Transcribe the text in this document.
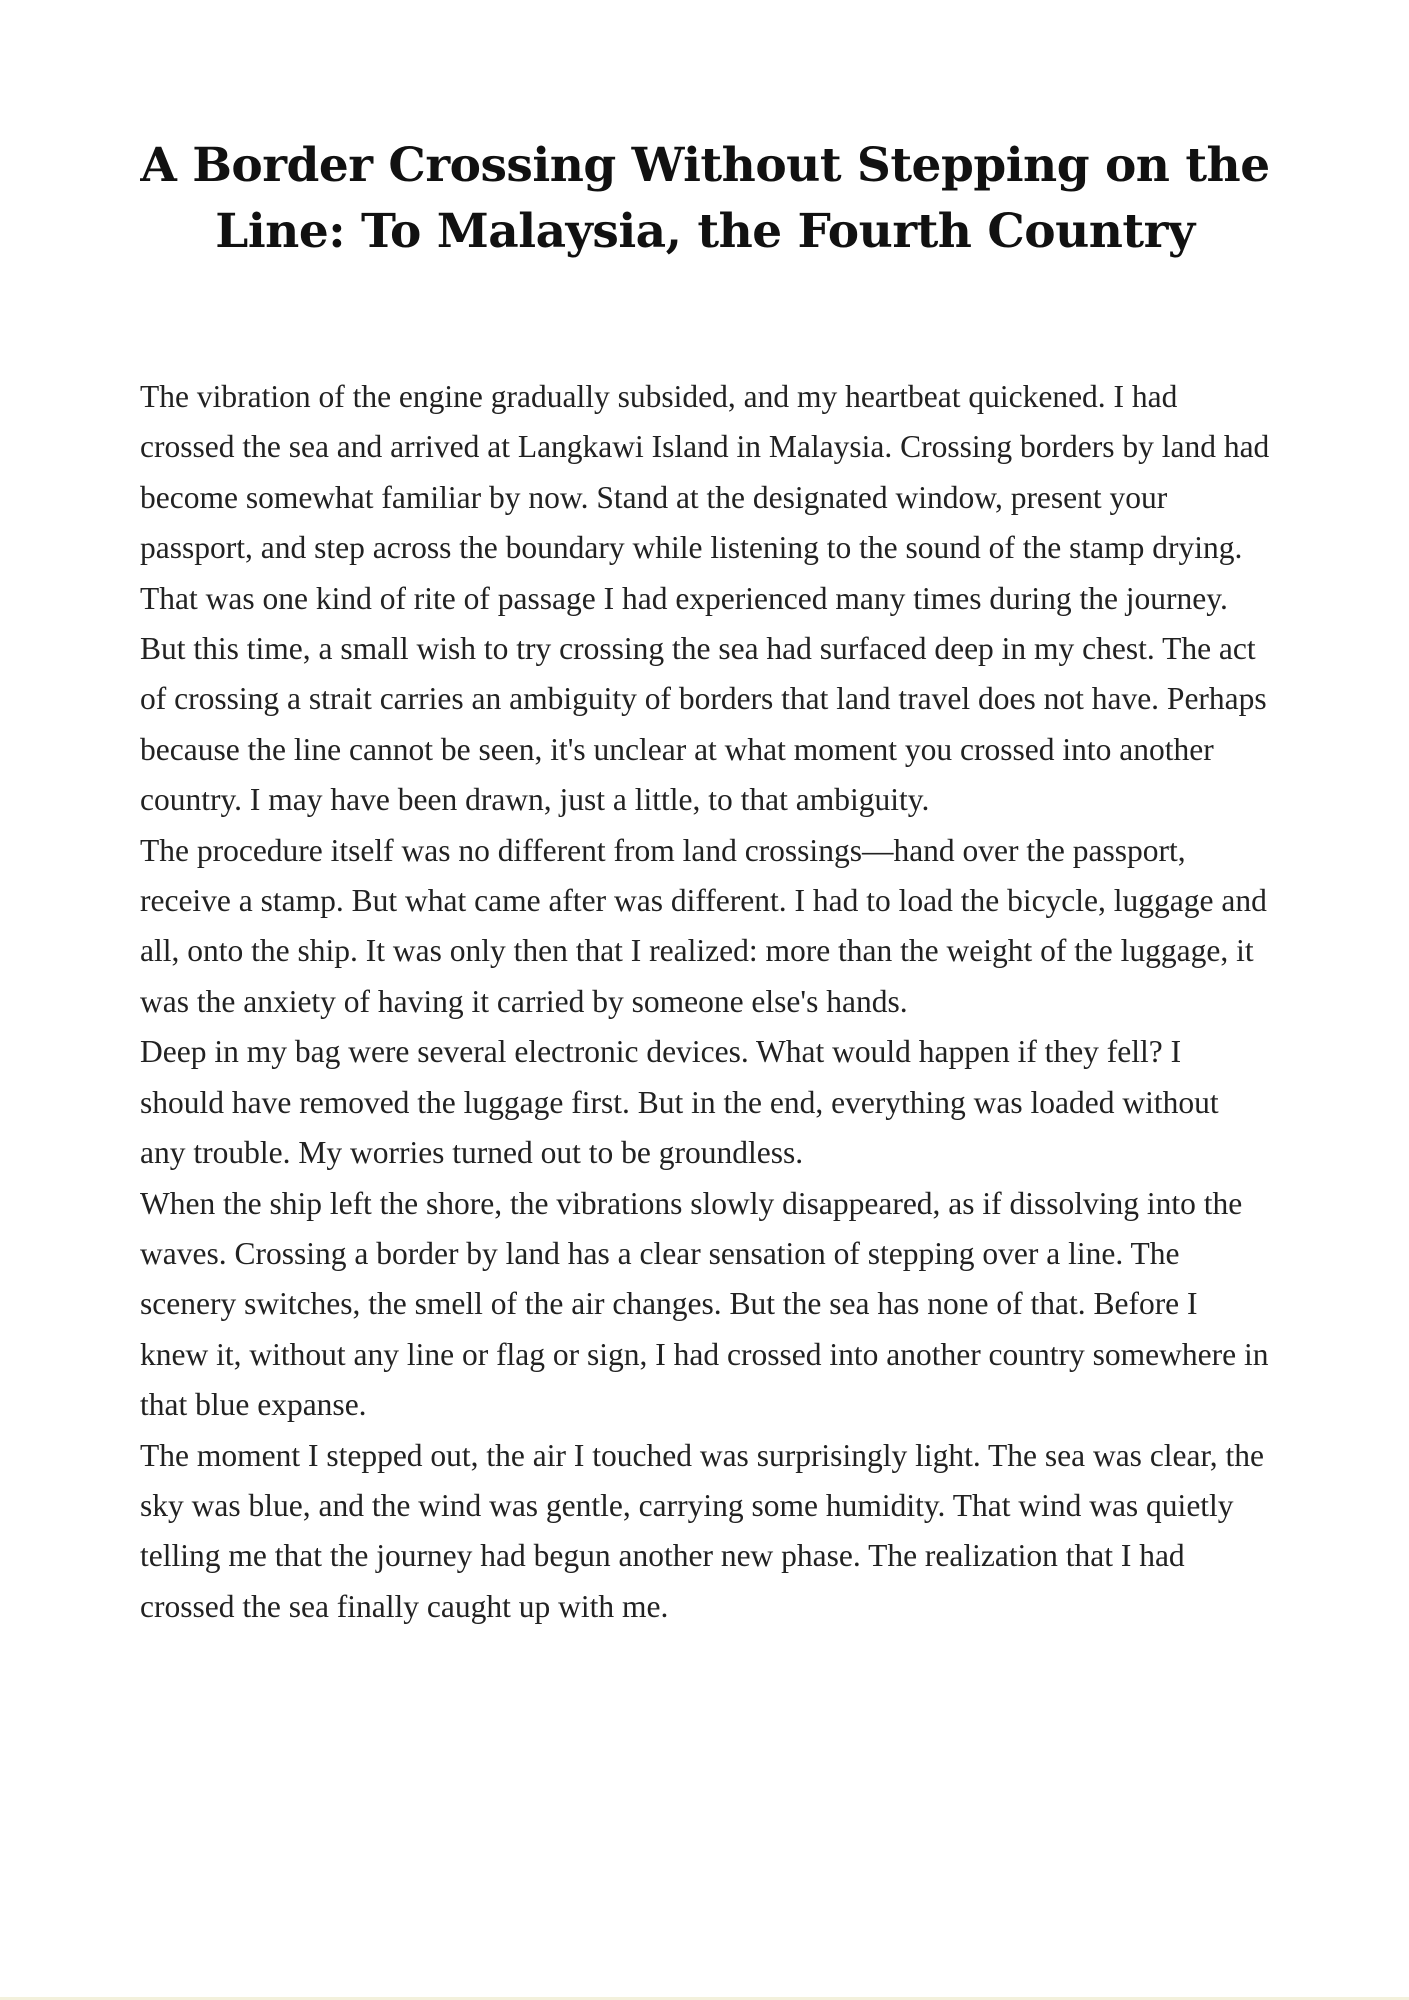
A Border Crossing Without Stepping on the Line: To Malaysia, the Fourth Country

The vibration of the engine gradually subsided, and my heartbeat quickened. I had crossed the sea and arrived at Langkawi Island in Malaysia. Crossing borders by land had become somewhat familiar by now. Stand at the designated window, present your passport, and step across the boundary while listening to the sound of the stamp drying. That was one kind of rite of passage I had experienced many times during the journey.

But this time, a small wish to try crossing the sea had surfaced deep in my chest. The act of crossing a strait carries an ambiguity of borders that land travel does not have. Perhaps because the line cannot be seen, it's unclear at what moment you crossed into another country. I may have been drawn, just a little, to that ambiguity.

The procedure itself was no different from land crossings—hand over the passport, receive a stamp. But what came after was different. I had to load the bicycle, luggage and all, onto the ship. It was only then that I realized: more than the weight of the luggage, it was the anxiety of having it carried by someone else's hands.

Deep in my bag were several electronic devices. What would happen if they fell? I should have removed the luggage first. But in the end, everything was loaded without any trouble. My worries turned out to be groundless.

When the ship left the shore, the vibrations slowly disappeared, as if dissolving into the waves. Crossing a border by land has a clear sensation of stepping over a line. The scenery switches, the smell of the air changes. But the sea has none of that. Before I knew it, without any line or flag or sign, I had crossed into another country somewhere in that blue expanse.

The moment I stepped out, the air I touched was surprisingly light. The sea was clear, the sky was blue, and the wind was gentle, carrying some humidity. That wind was quietly telling me that the journey had begun another new phase. The realization that I had crossed the sea finally caught up with me.
